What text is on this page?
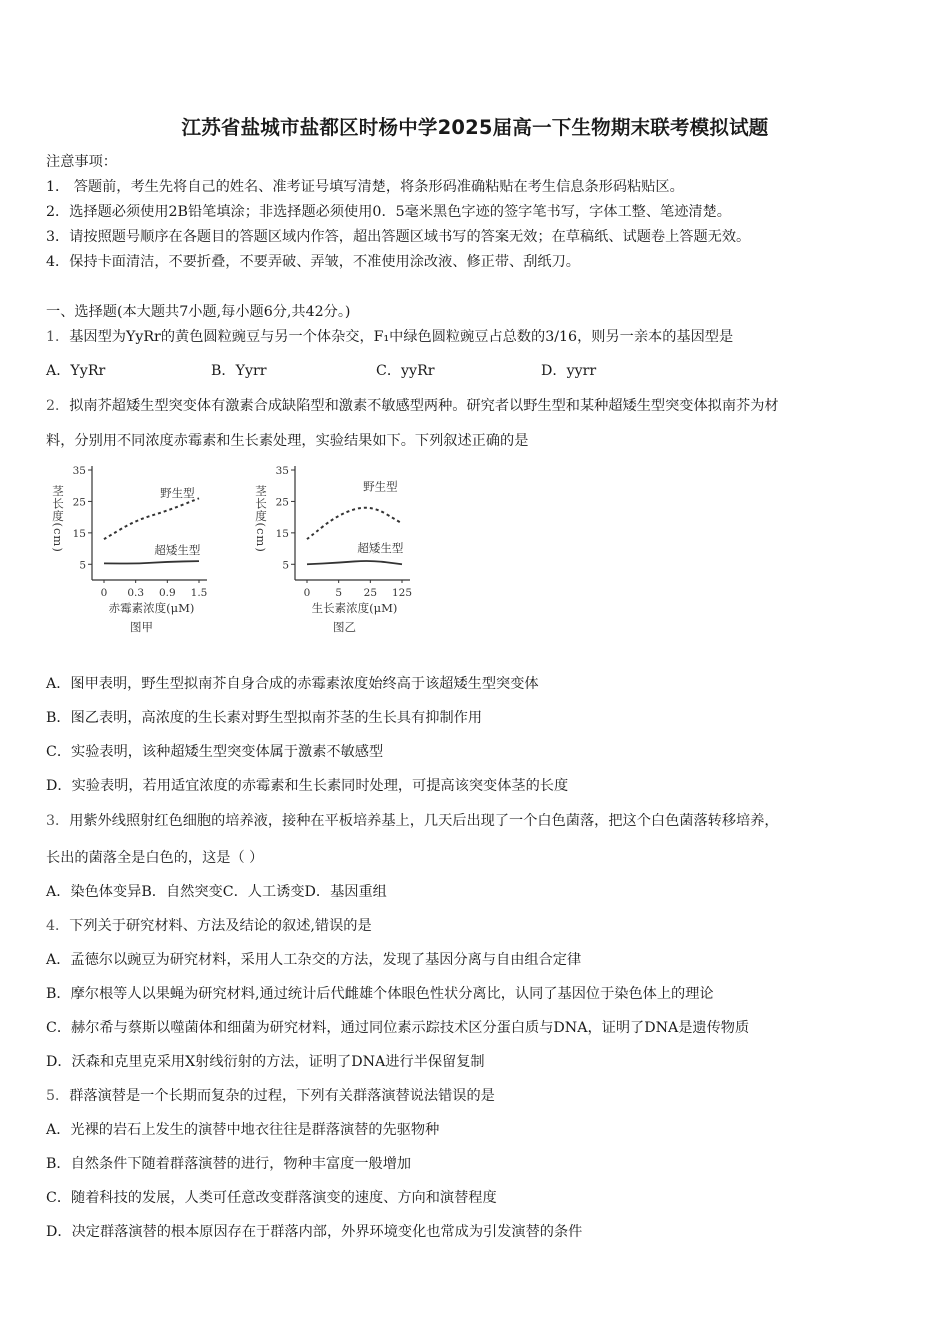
江苏省盐城市盐都区时杨中学2025届高一下生物期末联考模拟试题
注意事项：
1． 答题前，考生先将自己的姓名、准考证号填写清楚，将条形码准确粘贴在考生信息条形码粘贴区。
2．选择题必须使用2B铅笔填涂；非选择题必须使用0．5毫米黑色字迹的签字笔书写，字体工整、笔迹清楚。
3．请按照题号顺序在各题目的答题区域内作答，超出答题区域书写的答案无效；在草稿纸、试题卷上答题无效。
4．保持卡面清洁，不要折叠，不要弄破、弄皱，不准使用涂改液、修正带、刮纸刀。
一、选择题(本大题共7小题,每小题6分,共42分。)
1．基因型为YyRr的黄色圆粒豌豆与另一个体杂交，F₁中绿色圆粒豌豆占总数的3/16，则另一亲本的基因型是
A．YyRr	B．Yyrr	C．yyRr	D．yyrr
2．拟南芥超矮生型突变体有激素合成缺陷型和激素不敏感型两种。研究者以野生型和某种超矮生型突变体拟南芥为材
料，分别用不同浓度赤霉素和生长素处理，实验结果如下。下列叙述正确的是
5
15
25
35
0 0.3 0.9 1.5
茎长度(cm)
赤霉素浓度(μM)
图甲
野生型
超矮生型
5
15
25
35
0 5 25 125
茎长度(cm)
生长素浓度(μM)
图乙
野生型
超矮生型
A．图甲表明，野生型拟南芥自身合成的赤霉素浓度始终高于该超矮生型突变体
B．图乙表明，高浓度的生长素对野生型拟南芥茎的生长具有抑制作用
C．实验表明，该种超矮生型突变体属于激素不敏感型
D．实验表明，若用适宜浓度的赤霉素和生长素同时处理，可提高该突变体茎的长度
3．用紫外线照射红色细胞的培养液，接种在平板培养基上，几天后出现了一个白色菌落，把这个白色菌落转移培养，
长出的菌落全是白色的，这是（ ）
A．染色体变异B．自然突变C．人工诱变D．基因重组
4．下列关于研究材料、方法及结论的叙述,错误的是
A．孟德尔以豌豆为研究材料，采用人工杂交的方法，发现了基因分离与自由组合定律
B．摩尔根等人以果蝇为研究材料,通过统计后代雌雄个体眼色性状分离比，认同了基因位于染色体上的理论
C．赫尔希与蔡斯以噬菌体和细菌为研究材料，通过同位素示踪技术区分蛋白质与DNA，证明了DNA是遗传物质
D．沃森和克里克采用X射线衍射的方法，证明了DNA进行半保留复制
5．群落演替是一个长期而复杂的过程，下列有关群落演替说法错误的是
A．光裸的岩石上发生的演替中地衣往往是群落演替的先驱物种
B．自然条件下随着群落演替的进行，物种丰富度一般增加
C．随着科技的发展，人类可任意改变群落演变的速度、方向和演替程度
D．决定群落演替的根本原因存在于群落内部，外界环境变化也常成为引发演替的条件
